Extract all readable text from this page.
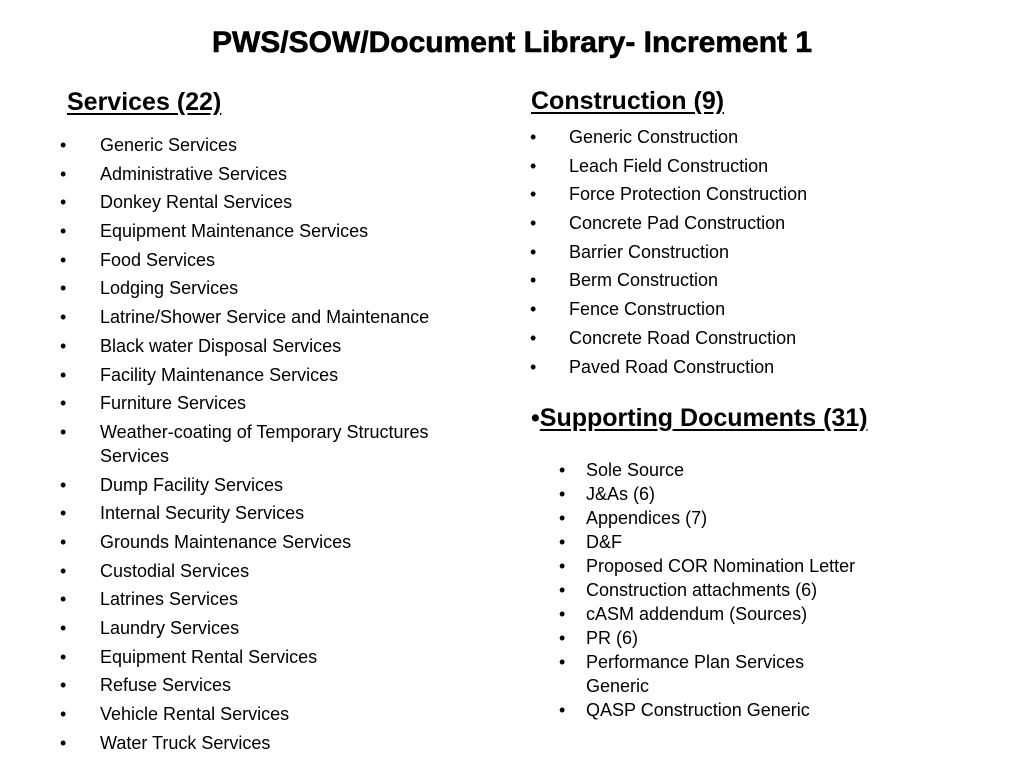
PWS/SOW/Document Library- Increment 1
Services (22)	Construction (9)
• Generic Services
• Administrative Services
• Donkey Rental Services
• Equipment Maintenance Services
• Food Services
• Lodging Services
• Latrine/Shower Service and Maintenance
• Black water Disposal Services
• Facility Maintenance Services
• Furniture Services
• Weather-coating of Temporary Structures Services
• Dump Facility Services
• Internal Security Services
• Grounds Maintenance Services
• Custodial Services
• Latrines Services
• Laundry Services
• Equipment Rental Services
• Refuse Services
• Vehicle Rental Services
• Water Truck Services
• Generic Construction
• Leach Field Construction
• Force Protection Construction
• Concrete Pad Construction
• Barrier Construction
• Berm Construction
• Fence Construction
• Concrete Road Construction
• Paved Road Construction
•Supporting Documents (31)
• Sole Source
• J&As (6)
• Appendices (7)
• D&F
• Proposed COR Nomination Letter
• Construction attachments (6)
• cASM addendum (Sources)
• PR (6)
• Performance Plan Services Generic
• QASP Construction Generic
